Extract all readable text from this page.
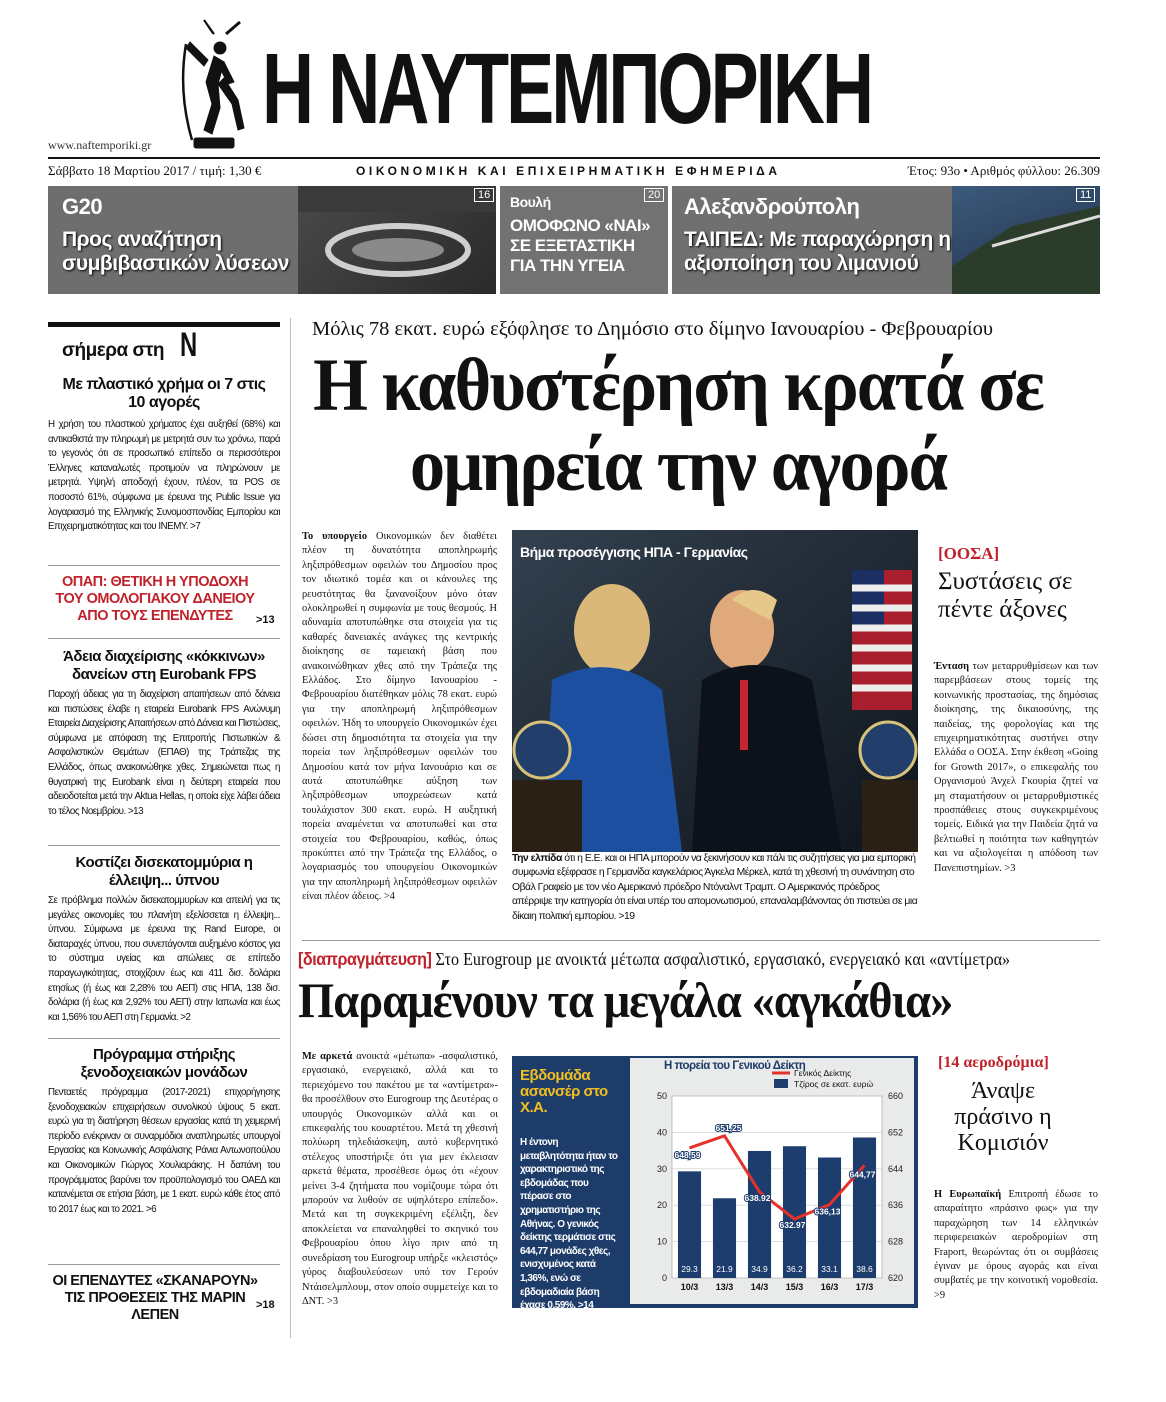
Η ΝΑΥΤΕΜΠΟΡΙΚΗ
www.naftemporiki.gr
Σάββατο 18 Μαρτίου 2017 / τιμή: 1,30 €	ΟΙΚΟΝΟΜΙΚΗ ΚΑΙ ΕΠΙΧΕΙΡΗΜΑΤΙΚΗ ΕΦΗΜΕΡΙΔΑ	Έτος: 93ο • Αριθμός φύλλου: 26.309
G20
Προς αναζήτηση συμβιβαστικών λύσεων
16 Βουλή
ΟΜΟΦΩΝΟ «ΝΑΙ» ΣΕ ΕΞΕΤΑΣΤΙΚΗ ΓΙΑ ΤΗΝ ΥΓΕΙΑ
20 Αλεξανδρούπολη
ΤΑΙΠΕΔ: Με παραχώρηση η αξιοποίηση του λιμανιού
11
σήμερα στη Ν
Με πλαστικό χρήμα οι 7 στις 10 αγορές
Η χρήση του πλαστικού χρήματος έχει αυξηθεί (68%) και αντικαθιστά την πληρωμή με μετρητά συν τω χρόνω, παρά το γεγονός ότι σε προσωπικό επίπεδο οι περισσότεροι Έλληνες καταναλωτές προτιμούν να πληρώνουν με μετρητά. Υψηλή αποδοχή έχουν, πλέον, τα POS σε ποσοστό 61%, σύμφωνα με έρευνα της Public Issue για λογαριασμό της Ελληνικής Συνομοσπονδίας Εμπορίου και Επιχειρηματικότητας και του ΙΝΕΜΥ. >7
ΟΠΑΠ: ΘΕΤΙΚΗ Η ΥΠΟΔΟΧΗ ΤΟΥ ΟΜΟΛΟΓΙΑΚΟΥ ΔΑΝΕΙΟΥ ΑΠΟ ΤΟΥΣ ΕΠΕΝΔΥΤΕΣ	>13
Άδεια διαχείρισης «κόκκινων» δανείων στη Eurobank FPS
Παροχή άδειας για τη διαχείριση απαιτήσεων από δάνεια και πιστώσεις έλαβε η εταιρεία Eurobank FPS Ανώνυμη Εταιρεία Διαχείρισης Απαιτήσεων από Δάνεια και Πιστώσεις, σύμφωνα με απόφαση της Επιτροπής Πιστωτικών & Ασφαλιστικών Θεμάτων (ΕΠΑΘ) της Τράπεζας της Ελλάδος, όπως ανακοινώθηκε χθες. Σημειώνεται πως η θυγατρική της Eurobank είναι η δεύτερη εταιρεία που αδειοδοτείται μετά την Aktua Hellas, η οποία είχε λάβει άδεια το τέλος Νοεμβρίου. >13
Κοστίζει δισεκατομμύρια η έλλειψη... ύπνου
Σε πρόβλημα πολλών δισεκατομμυρίων και απειλή για τις μεγάλες οικονομίες του πλανήτη εξελίσσεται η έλλειψη... ύπνου. Σύμφωνα με έρευνα της Rand Europe, οι διαταραχές ύπνου, που συνεπάγονται αυξημένο κόστος για το σύστημα υγείας και απώλειες σε επίπεδο παραγωγικότητας, στοιχίζουν έως και 411 δισ. δολάρια ετησίως (ή έως και 2,28% του ΑΕΠ) στις ΗΠΑ, 138 δισ. δολάρια (ή έως και 2,92% του ΑΕΠ) στην Ιαπωνία και έως και 1,56% του ΑΕΠ στη Γερμανία. >2
Πρόγραμμα στήριξης ξενοδοχειακών μονάδων
Πενταετές πρόγραμμα (2017-2021) επιχορήγησης ξενοδοχειακών επιχειρήσεων συνολικού ύψους 5 εκατ. ευρώ για τη διατήρηση θέσεων εργασίας κατά τη χειμερινή περίοδο ενέκριναν οι συναρμόδιοι αναπληρωτές υπουργοί Εργασίας και Κοινωνικής Ασφάλισης Ράνια Αντωνοπούλου και Οικονομικών Γιώργος Χουλιαράκης. Η δαπάνη του προγράμματος βαρύνει τον προϋπολογισμό του ΟΑΕΔ και κατανέμεται σε ετήσια βάση, με 1 εκατ. ευρώ κάθε έτος από το 2017 έως και το 2021. >6
ΟΙ ΕΠΕΝΔΥΤΕΣ «ΣΚΑΝΑΡΟΥΝ» ΤΙΣ ΠΡΟΘΕΣΕΙΣ ΤΗΣ ΜΑΡΙΝ ΛΕΠΕΝ
>18
Μόλις 78 εκατ. ευρώ εξόφλησε το Δημόσιο στο δίμηνο Ιανουαρίου - Φεβρουαρίου
Η καθυστέρηση κρατά σε ομηρεία την αγορά
Το υπουργείο Οικονομικών δεν διαθέτει πλέον τη δυνατότητα αποπληρωμής ληξιπρόθεσμων οφειλών του Δημοσίου προς τον ιδιωτικό τομέα και οι κάνουλες της ρευστότητας θα ξανανοίξουν μόνο όταν ολοκληρωθεί η συμφωνία με τους θεσμούς. Η αδυναμία αποτυπώθηκε στα στοιχεία για τις καθαρές δανειακές ανάγκες της κεντρικής διοίκησης σε ταμειακή βάση που ανακοινώθηκαν χθες από την Τράπεζα της Ελλάδος. Στο δίμηνο Ιανουαρίου - Φεβρουαρίου διατέθηκαν μόλις 78 εκατ. ευρώ για την αποπληρωμή ληξιπρόθεσμων οφειλών. Ήδη το υπουργείο Οικονομικών έχει δώσει στη δημοσιότητα τα στοιχεία για την πορεία των ληξιπρόθεσμων οφειλών του Δημοσίου κατά τον μήνα Ιανουάριο και σε αυτά αποτυπώθηκε αύξηση των ληξιπρόθεσμων υποχρεώσεων κατά τουλάχιστον 300 εκατ. ευρώ. Η αυξητική πορεία αναμένεται να αποτυπωθεί και στα στοιχεία του Φεβρουαρίου, καθώς, όπως προκύπτει από την Τράπεζα της Ελλάδος, ο λογαριασμός του υπουργείου Οικονομικών για την αποπληρωμή ληξιπρόθεσμων οφειλών είναι πλέον άδειος. >4
Βήμα προσέγγισης ΗΠΑ - Γερμανίας
Την ελπίδα ότι η Ε.Ε. και οι ΗΠΑ μπορούν να ξεκινήσουν και πάλι τις συζητήσεις για μια εμπορική συμφωνία εξέφρασε η Γερμανίδα καγκελάριος Άγκελα Μέρκελ, κατά τη χθεσινή τη συνάντηση στο Οβάλ Γραφείο με τον νέο Αμερικανό πρόεδρο Ντόναλντ Τραμπ. Ο Αμερικανός πρόεδρος απέρριψε την κατηγορία ότι είναι υπέρ του απομονωτισμού, επαναλαμβάνοντας ότι πιστεύει σε μια δίκαιη πολιτική εμπορίου. >19
[ΟΟΣΑ]
Συστάσεις σε πέντε άξονες
Ένταση των μεταρρυθμίσεων και των παρεμβάσεων στους τομείς της κοινωνικής προστασίας, της δημόσιας διοίκησης, της δικαιοσύνης, της παιδείας, της φορολογίας και της επιχειρηματικότητας συστήνει στην Ελλάδα ο ΟΟΣΑ. Στην έκθεση «Going for Growth 2017», ο επικεφαλής του Οργανισμού Άνχελ Γκουρία ζητεί να μη σταματήσουν οι μεταρρυθμιστικές προσπάθειες στους συγκεκριμένους τομείς. Ειδικά για την Παιδεία ζητά να βελτιωθεί η ποιότητα των καθηγητών και να αξιολογείται η απόδοση των Πανεπιστημίων. >3
[διαπραγμάτευση] Στο Eurogroup με ανοικτά μέτωπα ασφαλιστικό, εργασιακό, ενεργειακό και «αντίμετρα»
Παραμένουν τα μεγάλα «αγκάθια»
Με αρκετά ανοικτά «μέτωπα» -ασφαλιστικό, εργασιακό, ενεργειακό, αλλά και το περιεχόμενο του πακέτου με τα «αντίμετρα»- θα προσέλθουν στο Eurogroup της Δευτέρας ο υπουργός Οικονομικών αλλά και οι επικεφαλής του κουαρτέτου. Μετά τη χθεσινή πολύωρη τηλεδιάσκεψη, αυτό κυβερνητικό στέλεχος υποστήριξε ότι για μεν έκλεισαν αρκετά θέματα, προσέθεσε όμως ότι «έχουν μείνει 3-4 ζητήματα που νομίζουμε τώρα ότι μπορούν να λυθούν σε υψηλότερο επίπεδο». Μετά και τη συγκεκριμένη εξέλιξη, δεν αποκλείεται να επαναληφθεί το σκηνικό του Φεβρουαρίου όπου λίγο πριν από τη συνεδρίαση του Eurogroup υπήρξε «κλειστός» γύρος διαβουλεύσεων υπό τον Γερούν Ντάισελμπλουμ, στον οποίο συμμετείχε και το ΔΝΤ. >3
Εβδομάδα ασανσέρ στο Χ.Α.
Η έντονη μεταβλητότητα ήταν το χαρακτηριστικό της εβδομάδας που πέρασε στο χρηματιστήριο της Αθήνας. Ο γενικός δείκτης τερμάτισε στις 644,77 μονάδες χθες, ενισχυμένος κατά 1,36%, ενώ σε εβδομαδιαία βάση έχασε 0,59%. >14
Η πορεία του Γενικού Δείκτη
0
10
20
30
40
50
620
628
636
644
652
660
29.3 21.9 34.9 36.2 33.1 38.6
10/3 13/3 14/3 15/3 16/3 17/3
648,59
651,25
638.92
632.97
636,13
644,77
Γενικός Δείκτης
Τζίρος σε εκατ. ευρώ
[14 αεροδρόμια]
Άναψε πράσινο η Κομισιόν
Η Ευρωπαϊκή Επιτροπή έδωσε το απαραίτητο «πράσινο φως» για την παραχώρηση των 14 ελληνικών περιφερειακών αεροδρομίων στη Fraport, θεωρώντας ότι οι συμβάσεις έγιναν με όρους αγοράς και είναι συμβατές με την κοινοτική νομοθεσία. >9
